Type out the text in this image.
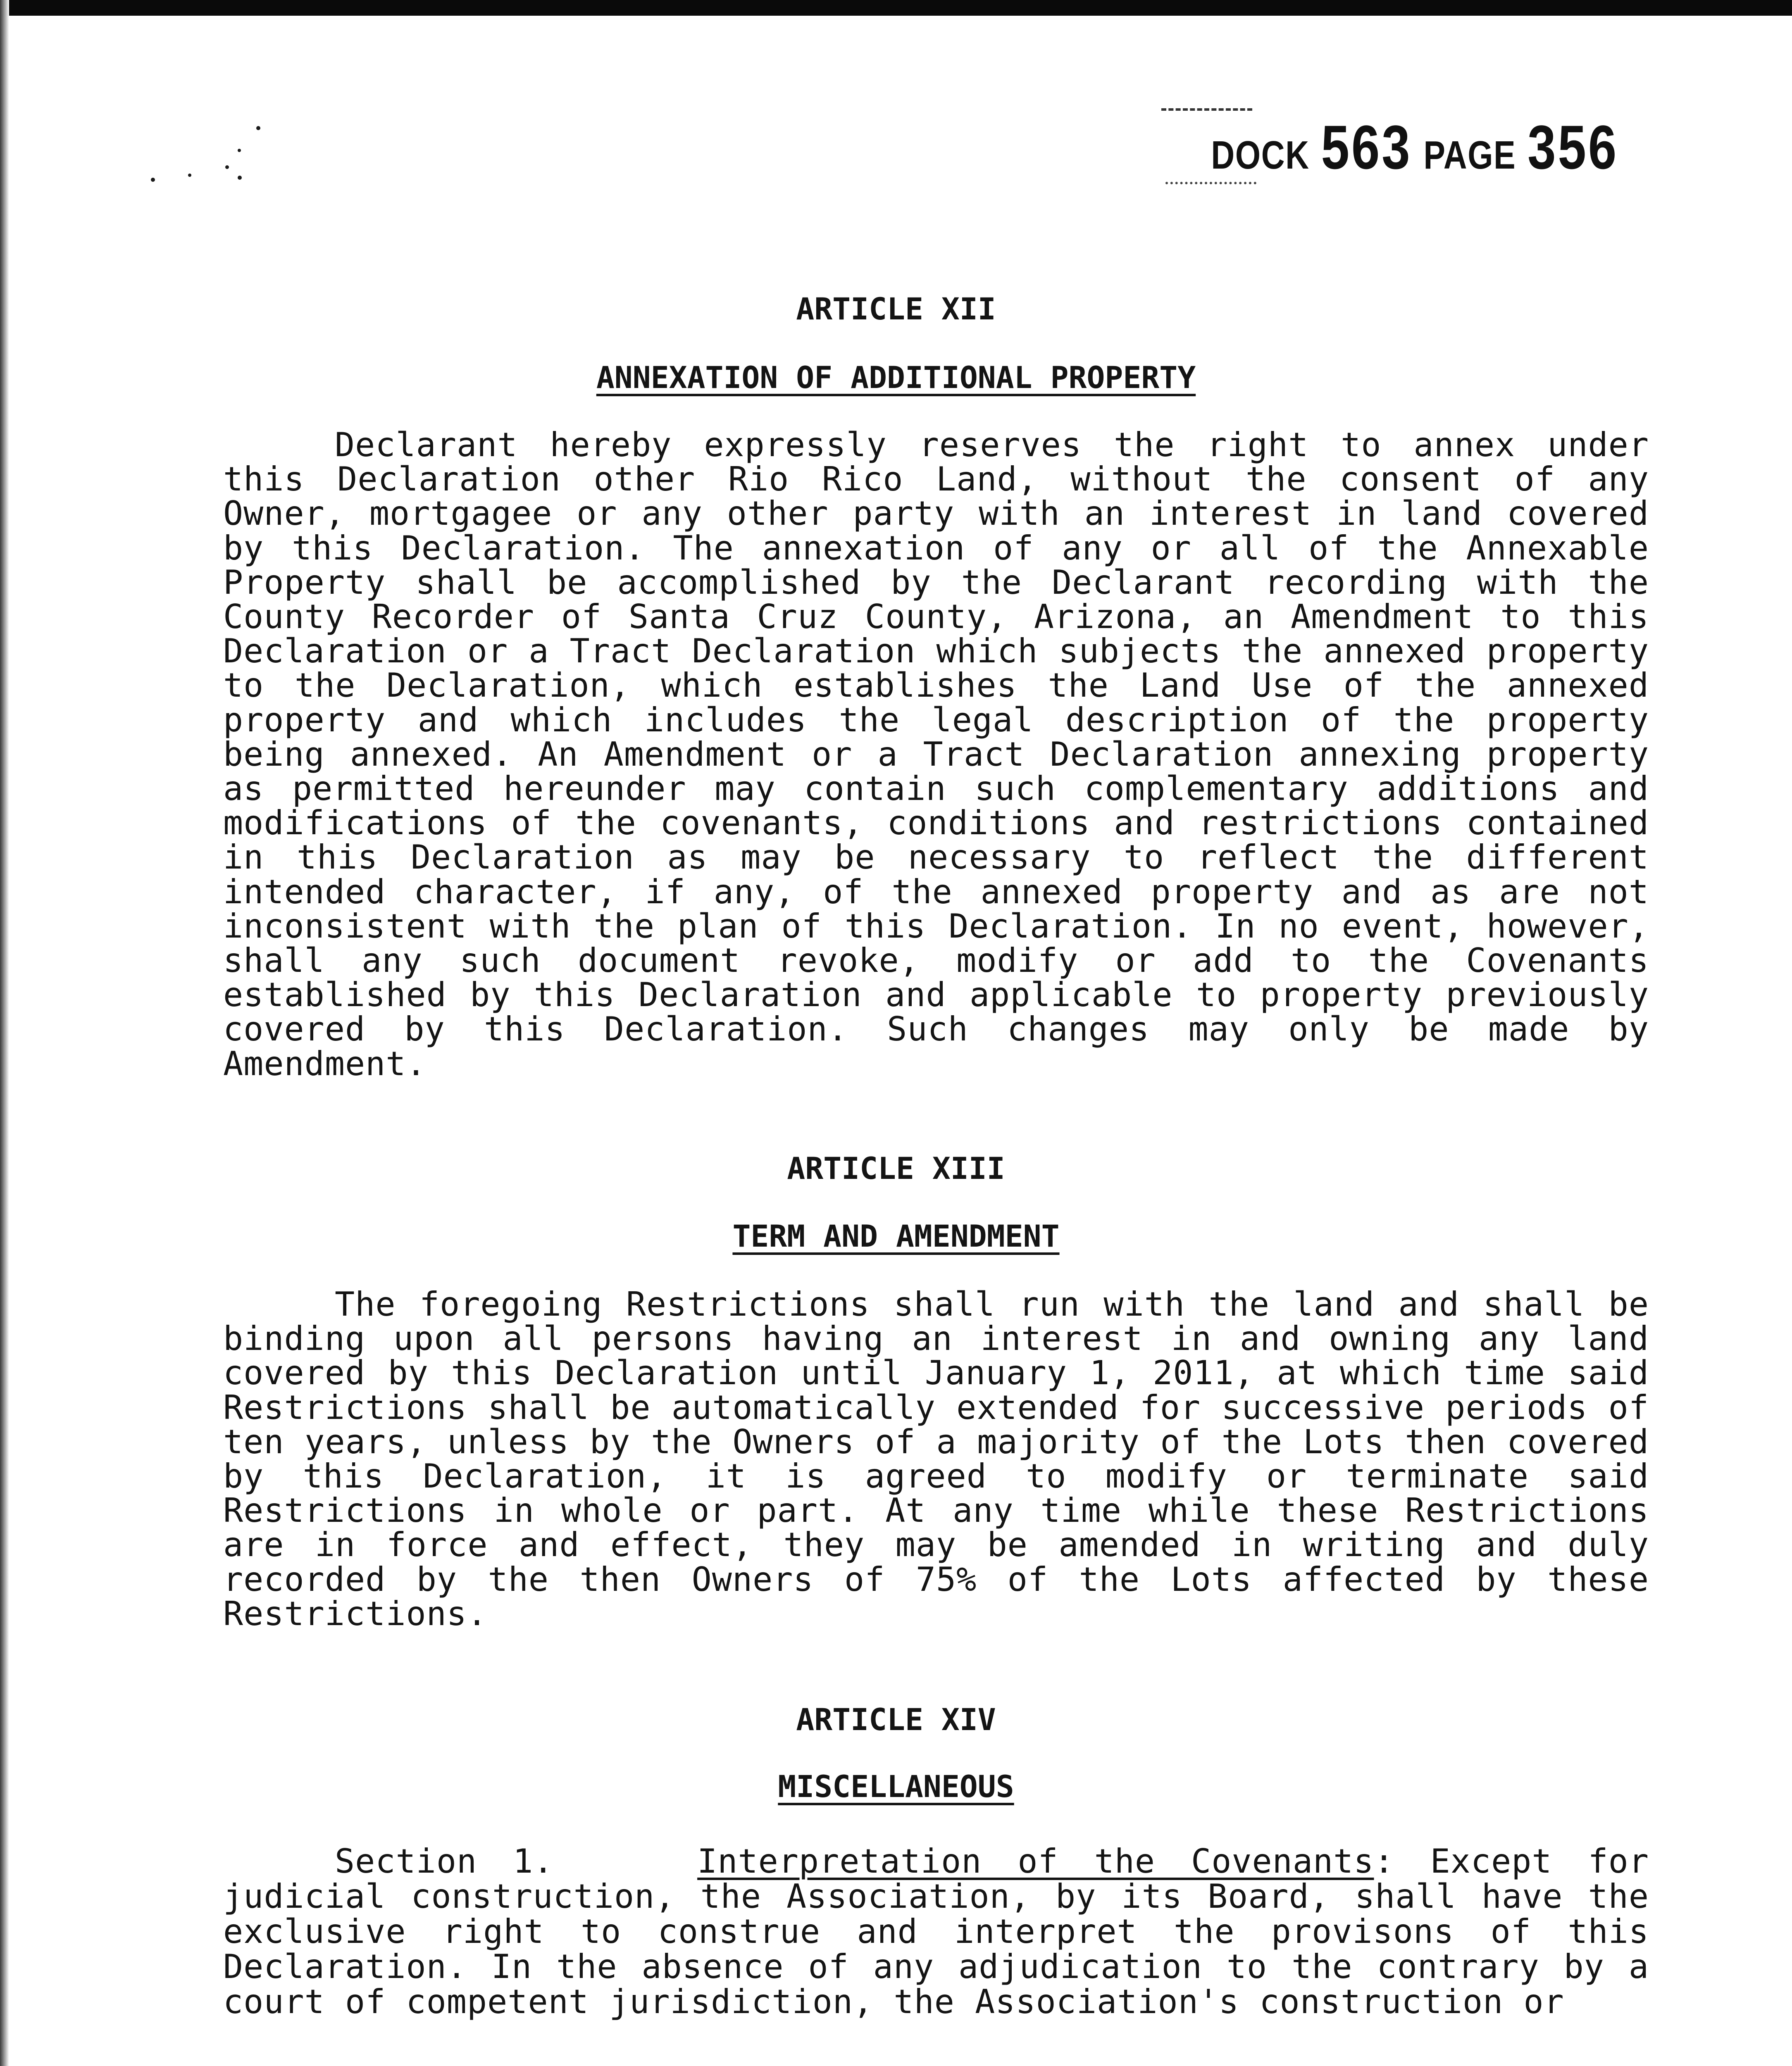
DOCK 563 PAGE 356
ARTICLE XII
ANNEXATION OF ADDITIONAL PROPERTY

Declarant hereby expressly reserves the right to annex under this Declaration other Rio Rico Land, without the consent of any Owner, mortgagee or any other party with an interest in land covered by this Declaration. The annexation of any or all of the Annexable Property shall be accomplished by the Declarant recording with the County Recorder of Santa Cruz County, Arizona, an Amendment to this Declaration or a Tract Declaration which subjects the annexed property to the Declaration, which establishes the Land Use of the annexed property and which includes the legal description of the property being annexed. An Amendment or a Tract Declaration annexing property as permitted hereunder may contain such complementary additions and modifications of the covenants, conditions and restrictions contained in this Declaration as may be necessary to reflect the different intended character, if any, of the annexed property and as are not inconsistent with the plan of this Declaration. In no event, however, shall any such document revoke, modify or add to the Covenants established by this Declaration and applicable to property previously covered by this Declaration. Such changes may only be made by Amendment.

ARTICLE XIII
TERM AND AMENDMENT

The foregoing Restrictions shall run with the land and shall be binding upon all persons having an interest in and owning any land covered by this Declaration until January 1, 2011, at which time said Restrictions shall be automatically extended for successive periods of ten years, unless by the Owners of a majority of the Lots then covered by this Declaration, it is agreed to modify or terminate said Restrictions in whole or part. At any time while these Restrictions are in force and effect, they may be amended in writing and duly recorded by the then Owners of 75% of the Lots affected by these Restrictions.

ARTICLE XIV
MISCELLANEOUS

Section 1.	Interpretation of the Covenants: Except for judicial construction, the Association, by its Board, shall have the exclusive right to construe and interpret the provisons of this Declaration. In the absence of any adjudication to the contrary by a court of competent jurisdiction, the Association's construction or
